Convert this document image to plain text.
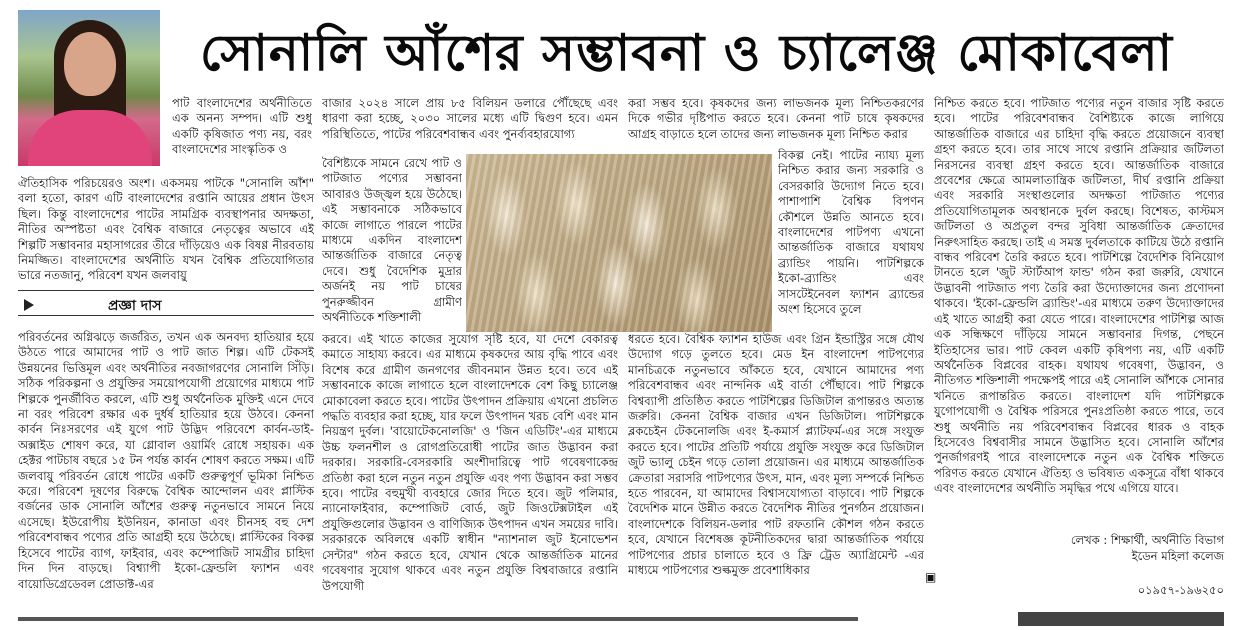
সোনালি আঁশের সম্ভাবনা ও চ্যালেঞ্জ মোকাবেলা
পাট বাংলাদেশের অর্থনীতিতে এক অনন্য সম্পদ। এটি শুধু একটি কৃষিজাত পণ্য নয়, বরং বাংলাদেশের সাংস্কৃতিক ও
ঐতিহাসিক পরিচয়েরও অংশ। একসময় পাটকে "সোনালি আঁশ" বলা হতো, কারণ এটি বাংলাদেশের রপ্তানি আয়ের প্রধান উৎস ছিল। কিন্তু বাংলাদেশের পাটের সামগ্রিক ব্যবস্থাপনার অদক্ষতা, নীতির অস্পষ্টতা এবং বৈশ্বিক বাজারে নেতৃত্বের অভাবে এই শিল্পটি সম্ভাবনার মহাসাগরের তীরে দাঁড়িয়েও এক বিষণ্ণ নীরবতায় নিমজ্জিত। বাংলাদেশের অর্থনীতি যখন বৈশ্বিক প্রতিযোগিতার ভারে নতজানু, পরিবেশ যখন জলবায়ু
প্রজ্ঞা দাস
পরিবর্তনের অগ্নিঝড়ে জর্জরিত, তখন এক অনবদ্য হাতিয়ার হয়ে উঠতে পারে আমাদের পাট ও পাট জাত শিল্প। এটি টেকসই উন্নয়নের ভিত্তিমূল এবং অর্থনীতির নবজাগরণের সোনালি সিঁড়ি। সঠিক পরিকল্পনা ও প্রযুক্তির সময়োপযোগী প্রয়োগের মাধ্যমে পাট শিল্পকে পুনর্জীবিত করলে, এটি শুধু অর্থনৈতিক মুক্তিই এনে দেবে না বরং পরিবেশ রক্ষার এক দুর্ধর্ষ হাতিয়ার হয়ে উঠবে। কেননা কার্বন নিঃসরণের এই যুগে পাট উদ্ভিদ পরিবেশে কার্বন-ডাই-অক্সাইড শোষণ করে, যা গ্লোবাল ওয়ার্মিং রোধে সহায়ক। এক হেক্টর পাটচাষ বছরে ১৫ টন পর্যন্ত কার্বন শোষণ করতে সক্ষম। এটি জলবায়ু পরিবর্তন রোধে পাটের একটি গুরুত্বপূর্ণ ভূমিকা নিশ্চিত করে। পরিবেশ দূষণের বিরুদ্ধে বৈশ্বিক আন্দোলন এবং প্লাস্টিক বর্জনের ডাক সোনালি আঁশের গুরুত্ব নতুনভাবে সামনে নিয়ে এসেছে। ইউরোপীয় ইউনিয়ন, কানাডা এবং চীনসহ বহু দেশ পরিবেশবান্ধব পণ্যের প্রতি আগ্রহী হয়ে উঠেছে। প্লাস্টিকের বিকল্প হিসেবে পাটের ব্যাগ, ফাইবার, এবং কম্পোজিট সামগ্রীর চাহিদা দিন দিন বাড়ছে। বিশ্ব্যাপী ইকো-ফ্রেন্ডলি ফ্যাশন এবং বায়োডিগ্রেডেবল প্রোডাক্ট-এর
বাজার ২০২৪ সালে প্রায় ৮৫ বিলিয়ন ডলারে পৌঁছেছে এবং ধারণা করা হচ্ছে, ২০৩০ সালের মধ্যে এটি দ্বিগুণ হবে। এমন পরিস্থিতিতে, পাটের পরিবেশবান্ধব এবং পুনর্ব্যবহারযোগ্য
বৈশিষ্ট্যকে সামনে রেখে পাট ও পাটজাত পণ্যের সম্ভাবনা আবারও উজ্জ্বল হয়ে উঠেছে। এই সম্ভাবনাকে সঠিকভাবে কাজে লাগাতে পারলে পাটের মাধ্যমে একদিন বাংলাদেশ আন্তর্জাতিক বাজারে নেতৃত্ব দেবে। শুধু বৈদেশিক মুদ্রার অর্জনই নয় পাট চাষের পুনরুজ্জীবন গ্রামীণ অর্থনীতিকে শক্তিশালী
করবে। এই খাতে কাজের সুযোগ সৃষ্টি হবে, যা দেশে বেকারত্ব কমাতে সাহায্য করবে। এর মাধ্যমে কৃষকদের আয় বৃদ্ধি পাবে এবং বিশেষ করে গ্রামীণ জনগণের জীবনমান উন্নত হবে। তবে এই সম্ভাবনাকে কাজে লাগাতে হলে বাংলাদেশকে বেশ কিছু চ্যালেঞ্জ মোকাবেলা করতে হবে। পাটের উৎপাদন প্রক্রিয়ায় এখনো প্রচলিত পদ্ধতি ব্যবহার করা হচ্ছে, যার ফলে উৎপাদন খরচ বেশি এবং মান নিয়ন্ত্রণ দুর্বল। 'বায়োটেকনোলজি' ও 'জিন এডিটিং'-এর মাধ্যমে উচ্চ ফলনশীল ও রোগপ্রতিরোধী পাটের জাত উদ্ভাবন করা দরকার। সরকারি-বেসরকারি অংশীদারিত্বে পাট গবেষণাকেন্দ্র প্রতিষ্ঠা করা হলে নতুন নতুন প্রযুক্তি এবং পণ্য উদ্ভাবন করা সম্ভব হবে। পাটের বহুমুখী ব্যবহারে জোর দিতে হবে। জুট পলিমার, ন্যানোফাইবার, কম্পোজিট বোর্ড, জুট জিওটেক্সটাইল এই প্রযুক্তিগুলোর উদ্ভাবন ও বাণিজ্যিক উৎপাদন এখন সময়ের দাবি। সরকারকে অবিলম্বে একটি স্বাধীন "ন্যাশনাল জুট ইনোভেশন সেন্টার" গঠন করতে হবে, যেখান থেকে আন্তর্জাতিক মানের গবেষণার সুযোগ থাকবে এবং নতুন প্রযুক্তি বিশ্ববাজারে রপ্তানি উপযোগী
করা সম্ভব হবে। কৃষকদের জন্য লাভজনক মূল্য নিশ্চিতকরণের দিকে গভীর দৃষ্টিপাত করতে হবে। কেননা পাট চাষে কৃষকদের আগ্রহ বাড়াতে হলে তাদের জন্য লাভজনক মূল্য নিশ্চিত করার
বিকল্প নেই। পাটের ন্যায্য মূল্য নিশ্চিত করার জন্য সরকারি ও বেসরকারি উদ্যোগ নিতে হবে। পাশাপাশি বৈশ্বিক বিপণন কৌশলে উন্নতি আনতে হবে। বাংলাদেশের পাটপণ্য এখনো আন্তর্জাতিক বাজারে যথাযথ ব্র্যান্ডিং পায়নি। পাটশিল্পকে ইকো-ব্র্যান্ডিং এবং সাসটেইনেবল ফ্যাশন ব্র্যান্ডের অংশ হিসেবে তুলে
ধরতে হবে। বৈশ্বিক ফ্যাশন হাউজ এবং গ্রিন ইন্ডাস্ট্রির সঙ্গে যৌথ উদ্যোগ গড়ে তুলতে হবে। মেড ইন বাংলাদেশ পাটপণ্যের মানচিত্রকে নতুনভাবে আঁকতে হবে, যেখানে আমাদের পণ্য পরিবেশবান্ধব এবং নান্দনিক এই বার্তা পৌঁছাবে। পাট শিল্পকে বিশ্বব্যাপী প্রতিষ্ঠিত করতে পাটশিল্পের ডিজিটাল রূপান্তরও অত্যন্ত জরুরি। কেননা বৈশ্বিক বাজার এখন ডিজিটাল। পাটশিল্পকে ব্লকচেইন টেকনোলজি এবং ই-কমার্স প্ল্যাটফর্ম-এর সঙ্গে সংযুক্ত করতে হবে। পাটের প্রতিটি পর্যায়ে প্রযুক্তি সংযুক্ত করে ডিজিটাল জুট ভ্যালু চেইন গড়ে তোলা প্রয়োজন। এর মাধ্যমে আন্তর্জাতিক ক্রেতারা সরাসরি পাটপণ্যের উৎস, মান, এবং মূল্য সম্পর্কে নিশ্চিত হতে পারবেন, যা আমাদের বিশ্বাসযোগ্যতা বাড়াবে। পাট শিল্পকে বৈদেশিক মানে উন্নীত করতে বৈদেশিক নীতির পুনর্গঠন প্রয়োজন। বাংলাদেশকে বিলিয়ন-ডলার পাট রফতানি কৌশল গঠন করতে হবে, যেখানে বিশেষজ্ঞ কূটনীতিকদের দ্বারা আন্তর্জাতিক পর্যায়ে পাটপণ্যের প্রচার চালাতে হবে ও ফ্রি ট্রেড অ্যাগ্রিমেন্ট -এর মাধ্যমে পাটপণ্যের শুল্কমুক্ত প্রবেশাধিকার	▣
নিশ্চিত করতে হবে। পাটজাত পণ্যের নতুন বাজার সৃষ্টি করতে হবে। পাটের পরিবেশবান্ধব বৈশিষ্ট্যকে কাজে লাগিয়ে আন্তর্জাতিক বাজারে এর চাহিদা বৃদ্ধি করতে প্রয়োজনে ব্যবস্থা গ্রহণ করতে হবে। তার সাথে সাথে রপ্তানি প্রক্রিয়ার জটিলতা নিরসনের ব্যবস্থা গ্রহণ করতে হবে। আন্তর্জাতিক বাজারে প্রবেশের ক্ষেত্রে আমলাতান্ত্রিক জটিলতা, দীর্ঘ রপ্তানি প্রক্রিয়া এবং সরকারি সংস্থাগুলোর অদক্ষতা পাটজাত পণ্যের প্রতিযোগিতামূলক অবস্থানকে দুর্বল করছে। বিশেষত, কাস্টমস জটিলতা ও অপ্রতুল বন্দর সুবিধা আন্তর্জাতিক ক্রেতাদের নিরুৎসাহিত করছে। তাই এ সমস্ত দুর্বলতাকে কাটিয়ে উঠে রপ্তানি বান্ধব পরিবেশ তৈরি করতে হবে। পাটশিল্পে বৈদেশিক বিনিয়োগ টানতে হলে 'জুট স্টার্টআপ ফান্ড' গঠন করা জরুরি, যেখানে উদ্ভাবনী পাটজাত পণ্য তৈরি করা উদ্যোক্তাদের জন্য প্রণোদনা থাকবে। 'ইকো-ফ্রেন্ডলি ব্র্যান্ডিং'-এর মাধ্যমে তরুণ উদ্যোক্তাদের এই খাতে আগ্রহী করা যেতে পারে। বাংলাদেশের পাটশিল্প আজ এক সন্ধিক্ষণে দাঁড়িয়ে সামনে সম্ভাবনার দিগন্ত, পেছনে ইতিহাসের ভার। পাট কেবল একটি কৃষিপণ্য নয়, এটি একটি অর্থনৈতিক বিপ্লবের বাহক। যথাযথ গবেষণা, উদ্ভাবন, ও নীতিগত শক্তিশালী পদক্ষেপই পারে এই সোনালি আঁশকে সোনার খনিতে রূপান্তরিত করতে। বাংলাদেশ যদি পাটশিল্পকে যুগোপযোগী ও বৈশ্বিক পরিসরে পুনঃপ্রতিষ্ঠা করতে পারে, তবে শুধু অর্থনীতি নয় পরিবেশবান্ধব বিপ্লবের ধারক ও বাহক হিসেবেও বিশ্ববাসীর সামনে উদ্ভাসিত হবে। সোনালি আঁশের পুনর্জাগরণই পারে বাংলাদেশকে নতুন এক বৈশ্বিক শক্তিতে পরিণত করতে যেখানে ঐতিহ্য ও ভবিষ্যত একসূত্রে বাঁধা থাকবে এবং বাংলাদেশের অর্থনীতি সমৃদ্ধির পথে এগিয়ে যাবে।
লেখক : শিক্ষার্থী, অর্থনীতি বিভাগ
ইডেন মহিলা কলেজ
০১৯৫৭-১৯৬২৫০
